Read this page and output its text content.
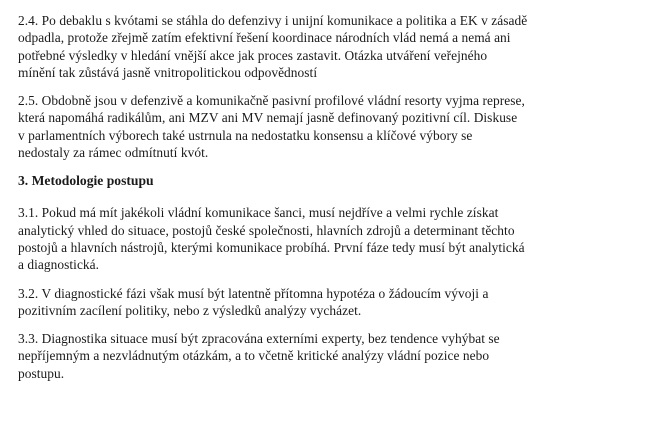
2.4. Po debaklu s kvótami se stáhla do defenzivy i unijní komunikace a politika a EK v zásadě
odpadla, protože zřejmě zatím efektivní řešení koordinace národních vlád nemá a nemá ani
potřebné výsledky v hledání vnější akce jak proces zastavit. Otázka utváření veřejného
mínění tak zůstává jasně vnitropolitickou odpovědností
2.5. Obdobně jsou v defenzivě a komunikačně pasivní profilové vládní resorty vyjma represe,
která napomáhá radikálům, ani MZV ani MV nemají jasně definovaný pozitivní cíl. Diskuse
v parlamentních výborech také ustrnula na nedostatku konsensu a klíčové výbory se
nedostaly za rámec odmítnutí kvót.
3. Metodologie postupu
3.1. Pokud má mít jakékoli vládní komunikace šanci, musí nejdříve a velmi rychle získat
analytický vhled do situace, postojů české společnosti, hlavních zdrojů a determinant těchto
postojů a hlavních nástrojů, kterými komunikace probíhá. První fáze tedy musí být analytická
a diagnostická.
3.2. V diagnostické fázi však musí být latentně přítomna hypotéza o žádoucím vývoji a
pozitivním zacílení politiky, nebo z výsledků analýzy vycházet.
3.3. Diagnostika situace musí být zpracována externími experty, bez tendence vyhýbat se
nepříjemným a nezvládnutým otázkám, a to včetně kritické analýzy vládní pozice nebo
postupu.
